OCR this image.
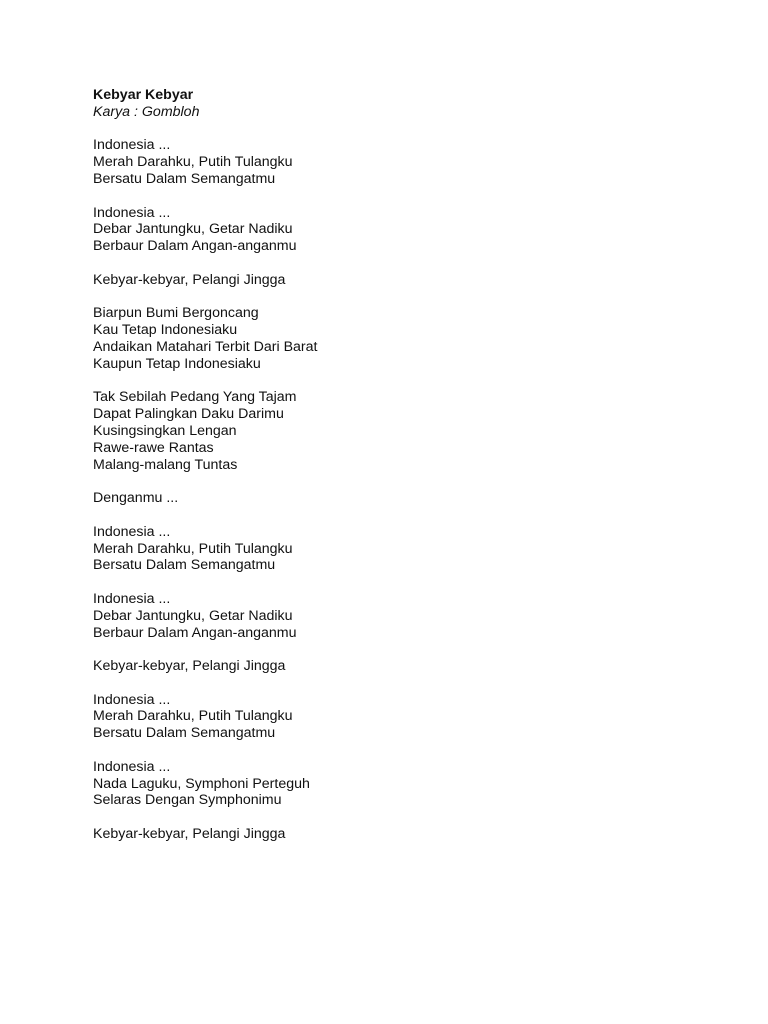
Kebyar Kebyar
Karya : Gombloh
Indonesia ...
Merah Darahku, Putih Tulangku
Bersatu Dalam Semangatmu
Indonesia ...
Debar Jantungku, Getar Nadiku
Berbaur Dalam Angan-anganmu
Kebyar-kebyar, Pelangi Jingga
Biarpun Bumi Bergoncang
Kau Tetap Indonesiaku
Andaikan Matahari Terbit Dari Barat
Kaupun Tetap Indonesiaku
Tak Sebilah Pedang Yang Tajam
Dapat Palingkan Daku Darimu
Kusingsingkan Lengan
Rawe-rawe Rantas
Malang-malang Tuntas
Denganmu ...
Indonesia ...
Merah Darahku, Putih Tulangku
Bersatu Dalam Semangatmu
Indonesia ...
Debar Jantungku, Getar Nadiku
Berbaur Dalam Angan-anganmu
Kebyar-kebyar, Pelangi Jingga
Indonesia ...
Merah Darahku, Putih Tulangku
Bersatu Dalam Semangatmu
Indonesia ...
Nada Laguku, Symphoni Perteguh
Selaras Dengan Symphonimu
Kebyar-kebyar, Pelangi Jingga
